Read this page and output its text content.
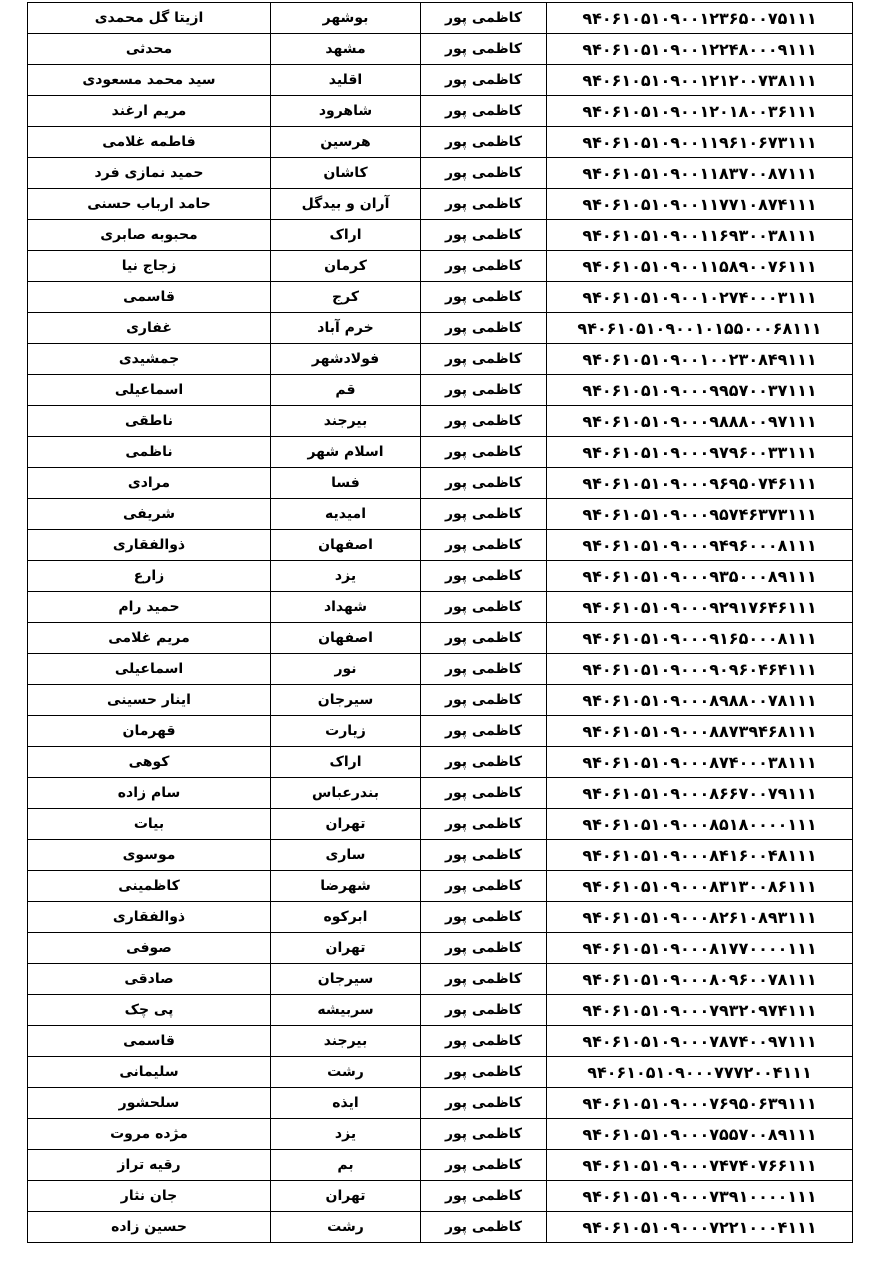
۹۴۰۶۱۰۵۱۰۹۰۰۱۲۳۶۵۰۰۷۵۱۱۱	کاظمی پور	بوشهر	ازیتا گل محمدی
۹۴۰۶۱۰۵۱۰۹۰۰۱۲۲۴۸۰۰۰۹۱۱۱	کاظمی پور	مشهد	محدثی
۹۴۰۶۱۰۵۱۰۹۰۰۱۲۱۲۰۰۷۳۸۱۱۱	کاظمی پور	اقلید	سید محمد مسعودی
۹۴۰۶۱۰۵۱۰۹۰۰۱۲۰۱۸۰۰۳۶۱۱۱	کاظمی پور	شاهرود	مریم ارغند
۹۴۰۶۱۰۵۱۰۹۰۰۱۱۹۶۱۰۶۷۳۱۱۱	کاظمی پور	هرسین	فاطمه غلامی
۹۴۰۶۱۰۵۱۰۹۰۰۱۱۸۳۷۰۰۸۷۱۱۱	کاظمی پور	کاشان	حمید نمازی فرد
۹۴۰۶۱۰۵۱۰۹۰۰۱۱۷۷۱۰۸۷۴۱۱۱	کاظمی پور	آران و بیدگل	حامد ارباب حسنی
۹۴۰۶۱۰۵۱۰۹۰۰۱۱۶۹۳۰۰۳۸۱۱۱	کاظمی پور	اراک	محبوبه صابری
۹۴۰۶۱۰۵۱۰۹۰۰۱۱۵۸۹۰۰۷۶۱۱۱	کاظمی پور	کرمان	زجاج نیا
۹۴۰۶۱۰۵۱۰۹۰۰۱۰۲۷۴۰۰۰۳۱۱۱	کاظمی پور	کرج	قاسمی
۹۴۰۶۱۰۵۱۰۹۰۰۱۰۱۵۵۰۰۰۶۸۱۱۱	کاظمی پور	خرم آباد	غفاری
۹۴۰۶۱۰۵۱۰۹۰۰۱۰۰۲۳۰۸۴۹۱۱۱	کاظمی پور	فولادشهر	جمشیدی
۹۴۰۶۱۰۵۱۰۹۰۰۰۹۹۵۷۰۰۳۷۱۱۱	کاظمی پور	قم	اسماعیلی
۹۴۰۶۱۰۵۱۰۹۰۰۰۹۸۸۸۰۰۹۷۱۱۱	کاظمی پور	بیرجند	ناطقی
۹۴۰۶۱۰۵۱۰۹۰۰۰۹۷۹۶۰۰۳۳۱۱۱	کاظمی پور	اسلام شهر	ناظمی
۹۴۰۶۱۰۵۱۰۹۰۰۰۹۶۹۵۰۷۴۶۱۱۱	کاظمی پور	فسا	مرادی
۹۴۰۶۱۰۵۱۰۹۰۰۰۹۵۷۴۶۳۷۳۱۱۱	کاظمی پور	امیدیه	شریفی
۹۴۰۶۱۰۵۱۰۹۰۰۰۹۴۹۶۰۰۰۸۱۱۱	کاظمی پور	اصفهان	ذوالفقاری
۹۴۰۶۱۰۵۱۰۹۰۰۰۹۳۵۰۰۰۸۹۱۱۱	کاظمی پور	یزد	زارع
۹۴۰۶۱۰۵۱۰۹۰۰۰۹۲۹۱۷۶۴۶۱۱۱	کاظمی پور	شهداد	حمید رام
۹۴۰۶۱۰۵۱۰۹۰۰۰۹۱۶۵۰۰۰۸۱۱۱	کاظمی پور	اصفهان	مریم غلامی
۹۴۰۶۱۰۵۱۰۹۰۰۰۹۰۹۶۰۴۶۴۱۱۱	کاظمی پور	نور	اسماعیلی
۹۴۰۶۱۰۵۱۰۹۰۰۰۸۹۸۸۰۰۷۸۱۱۱	کاظمی پور	سیرجان	اینار حسینی
۹۴۰۶۱۰۵۱۰۹۰۰۰۸۸۷۳۹۴۶۸۱۱۱	کاظمی پور	زیارت	قهرمان
۹۴۰۶۱۰۵۱۰۹۰۰۰۸۷۴۰۰۰۳۸۱۱۱	کاظمی پور	اراک	کوهی
۹۴۰۶۱۰۵۱۰۹۰۰۰۸۶۶۷۰۰۷۹۱۱۱	کاظمی پور	بندرعباس	سام زاده
۹۴۰۶۱۰۵۱۰۹۰۰۰۸۵۱۸۰۰۰۰۱۱۱	کاظمی پور	تهران	بیات
۹۴۰۶۱۰۵۱۰۹۰۰۰۸۴۱۶۰۰۴۸۱۱۱	کاظمی پور	ساری	موسوی
۹۴۰۶۱۰۵۱۰۹۰۰۰۸۳۱۳۰۰۸۶۱۱۱	کاظمی پور	شهرضا	کاظمینی
۹۴۰۶۱۰۵۱۰۹۰۰۰۸۲۶۱۰۸۹۳۱۱۱	کاظمی پور	ابرکوه	ذوالفقاری
۹۴۰۶۱۰۵۱۰۹۰۰۰۸۱۷۷۰۰۰۰۱۱۱	کاظمی پور	تهران	صوفی
۹۴۰۶۱۰۵۱۰۹۰۰۰۸۰۹۶۰۰۷۸۱۱۱	کاظمی پور	سیرجان	صادقی
۹۴۰۶۱۰۵۱۰۹۰۰۰۷۹۳۲۰۹۷۴۱۱۱	کاظمی پور	سربیشه	پی چک
۹۴۰۶۱۰۵۱۰۹۰۰۰۷۸۷۴۰۰۹۷۱۱۱	کاظمی پور	بیرجند	قاسمی
۹۴۰۶۱۰۵۱۰۹۰۰۰۷۷۷۲۰۰۴۱۱۱	کاظمی پور	رشت	سلیمانی
۹۴۰۶۱۰۵۱۰۹۰۰۰۷۶۹۵۰۶۳۹۱۱۱	کاظمی پور	ایذه	سلحشور
۹۴۰۶۱۰۵۱۰۹۰۰۰۷۵۵۷۰۰۸۹۱۱۱	کاظمی پور	یزد	مژده مروت
۹۴۰۶۱۰۵۱۰۹۰۰۰۷۴۷۴۰۷۶۶۱۱۱	کاظمی پور	بم	رقیه تراز
۹۴۰۶۱۰۵۱۰۹۰۰۰۷۳۹۱۰۰۰۰۱۱۱	کاظمی پور	تهران	جان نثار
۹۴۰۶۱۰۵۱۰۹۰۰۰۷۲۲۱۰۰۰۴۱۱۱	کاظمی پور	رشت	حسین زاده
